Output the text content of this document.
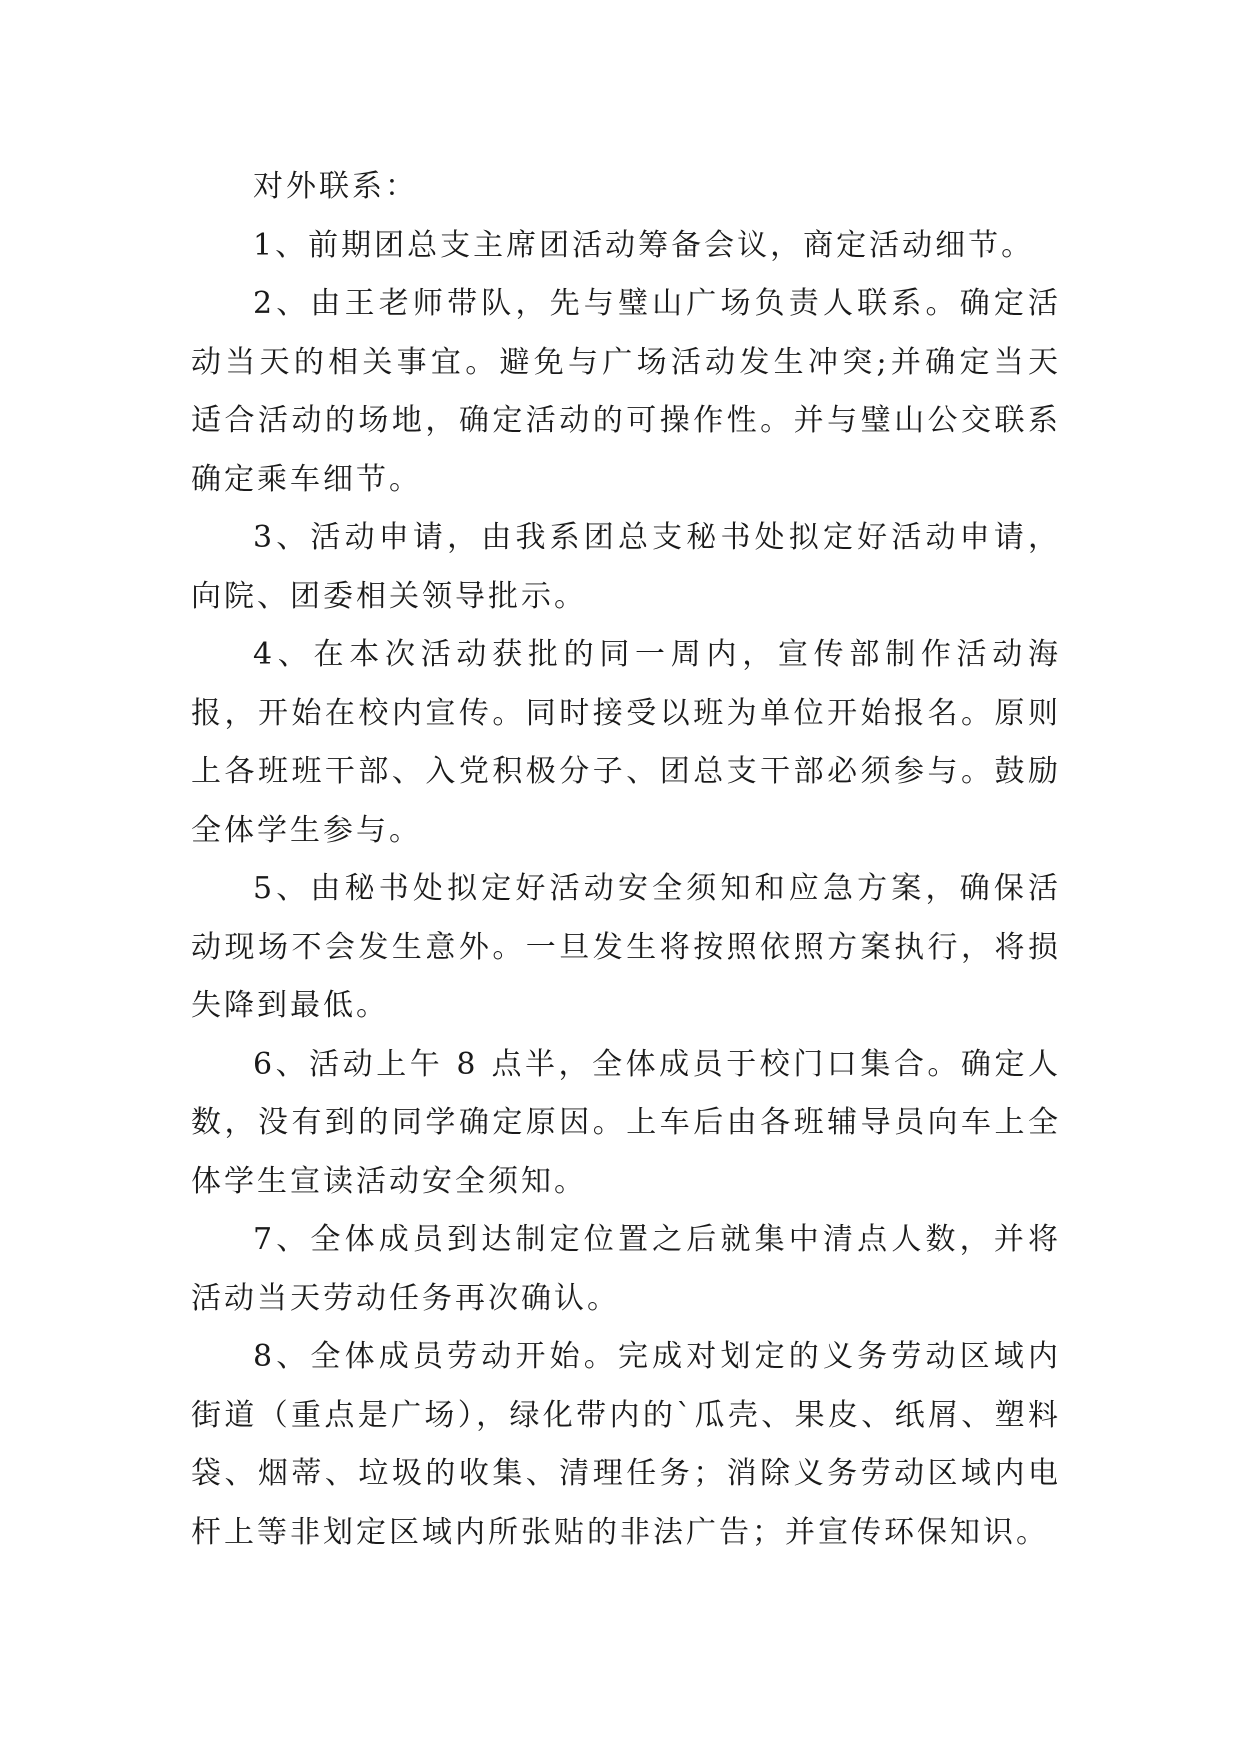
对外联系：

1、前期团总支主席团活动筹备会议，商定活动细节。

2、由王老师带队，先与璧山广场负责人联系。确定活动当天的相关事宜。避免与广场活动发生冲突;并确定当天适合活动的场地，确定活动的可操作性。并与璧山公交联系确定乘车细节。

3、活动申请，由我系团总支秘书处拟定好活动申请，向院、团委相关领导批示。

4、在本次活动获批的同一周内，宣传部制作活动海报，开始在校内宣传。同时接受以班为单位开始报名。原则上各班班干部、入党积极分子、团总支干部必须参与。鼓励全体学生参与。

5、由秘书处拟定好活动安全须知和应急方案，确保活动现场不会发生意外。一旦发生将按照依照方案执行，将损失降到最低。

6、活动上午 8 点半，全体成员于校门口集合。确定人数，没有到的同学确定原因。上车后由各班辅导员向车上全体学生宣读活动安全须知。

7、全体成员到达制定位置之后就集中清点人数，并将活动当天劳动任务再次确认。

8、全体成员劳动开始。完成对划定的义务劳动区域内街道（重点是广场），绿化带内的`瓜壳、果皮、纸屑、塑料袋、烟蒂、垃圾的收集、清理任务；消除义务劳动区域内电杆上等非划定区域内所张贴的非法广告；并宣传环保知识。
